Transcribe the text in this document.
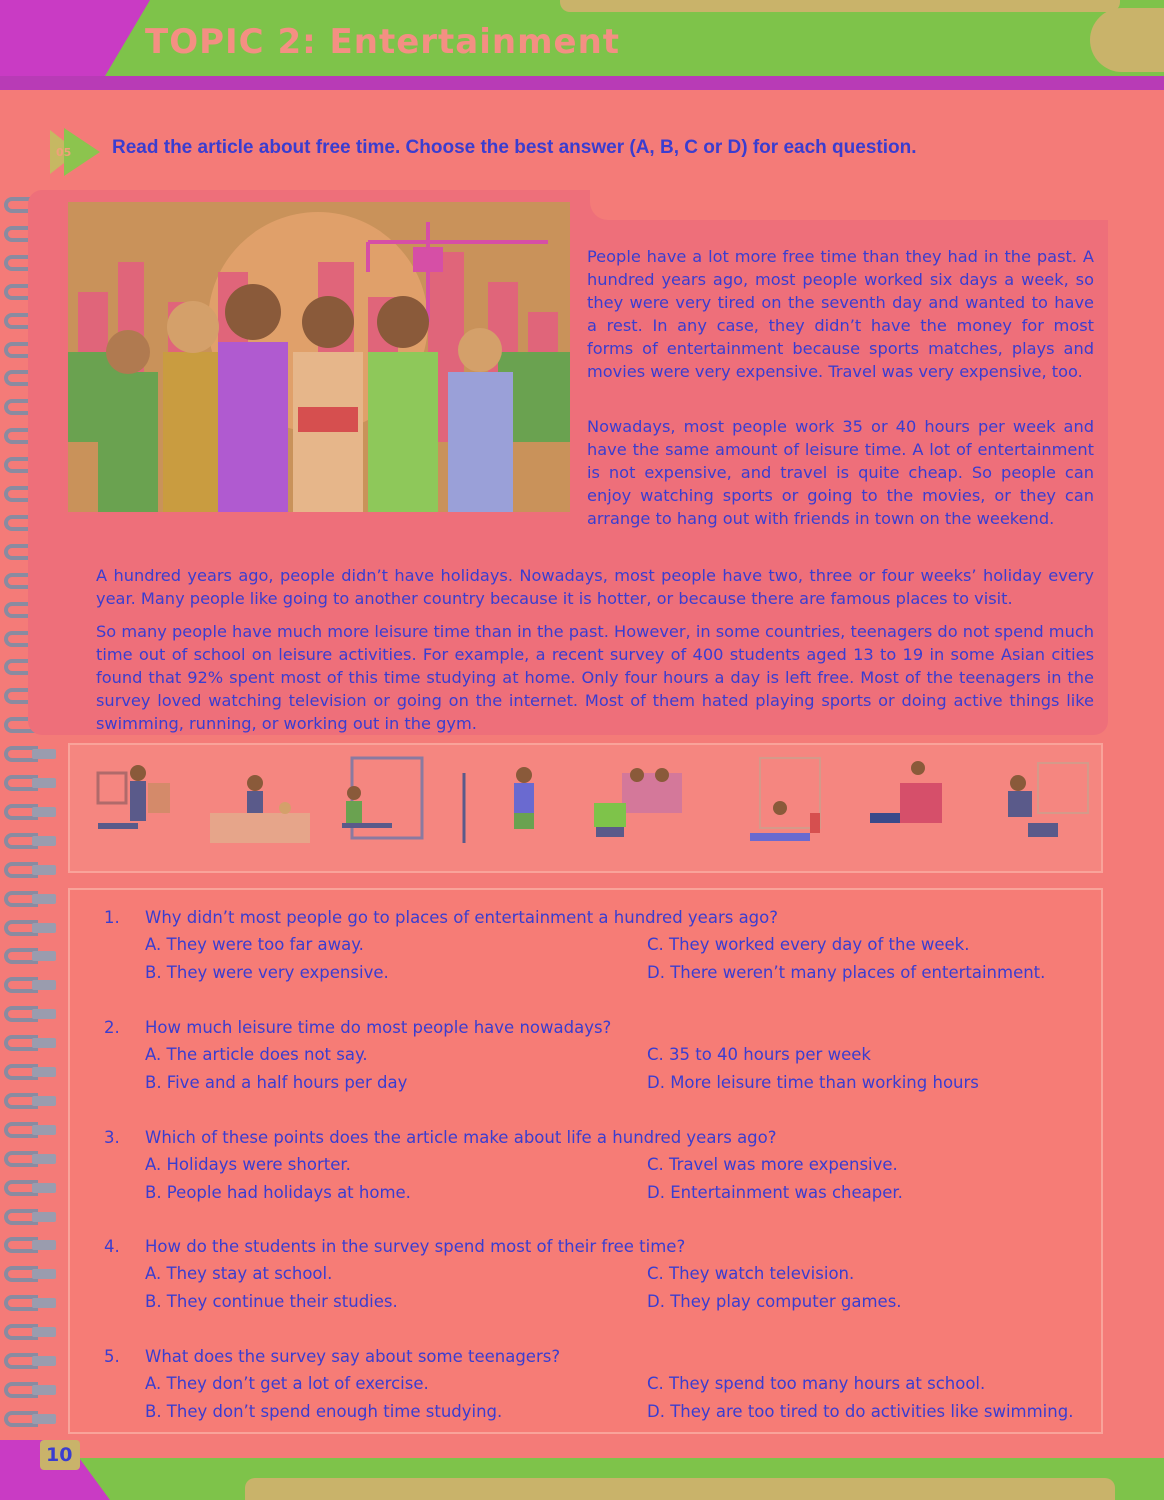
TOPIC 2: Entertainment
05 Read the article about free time. Choose the best answer (A, B, C or D) for each question.
People have a lot more free time than they had in the past. A hundred years ago, most people worked six days a week, so they were very tired on the seventh day and wanted to have a rest. In any case, they didn’t have the money for most forms of entertainment because sports matches, plays and movies were very expensive. Travel was very expensive, too.
Nowadays, most people work 35 or 40 hours per week and have the same amount of leisure time. A lot of entertainment is not expensive, and travel is quite cheap. So people can enjoy watching sports or going to the movies, or they can arrange to hang out with friends in town on the weekend.
A hundred years ago, people didn’t have holidays. Nowadays, most people have two, three or four weeks’ holiday every year. Many people like going to another country because it is hotter, or because there are famous places to visit.
So many people have much more leisure time than in the past. However, in some countries, teenagers do not spend much time out of school on leisure activities. For example, a recent survey of 400 students aged 13 to 19 in some Asian cities found that 92% spent most of this time studying at home. Only four hours a day is left free. Most of the teenagers in the survey loved watching television or going on the internet. Most of them hated playing sports or doing active things like swimming, running, or working out in the gym.
1. Why didn’t most people go to places of entertainment a hundred years ago?
A. They were too far away.
B. They were very expensive.
C. They worked every day of the week.
D. There weren’t many places of entertainment.
2. How much leisure time do most people have nowadays?
A. The article does not say.
B. Five and a half hours per day
C. 35 to 40 hours per week
D. More leisure time than working hours
3. Which of these points does the article make about life a hundred years ago?
A. Holidays were shorter.
B. People had holidays at home.
C. Travel was more expensive.
D. Entertainment was cheaper.
4. How do the students in the survey spend most of their free time?
A. They stay at school.
B. They continue their studies.
C. They watch television.
D. They play computer games.
5. What does the survey say about some teenagers?
A. They don’t get a lot of exercise.
B. They don’t spend enough time studying.
C. They spend too many hours at school.
D. They are too tired to do activities like swimming.
10
